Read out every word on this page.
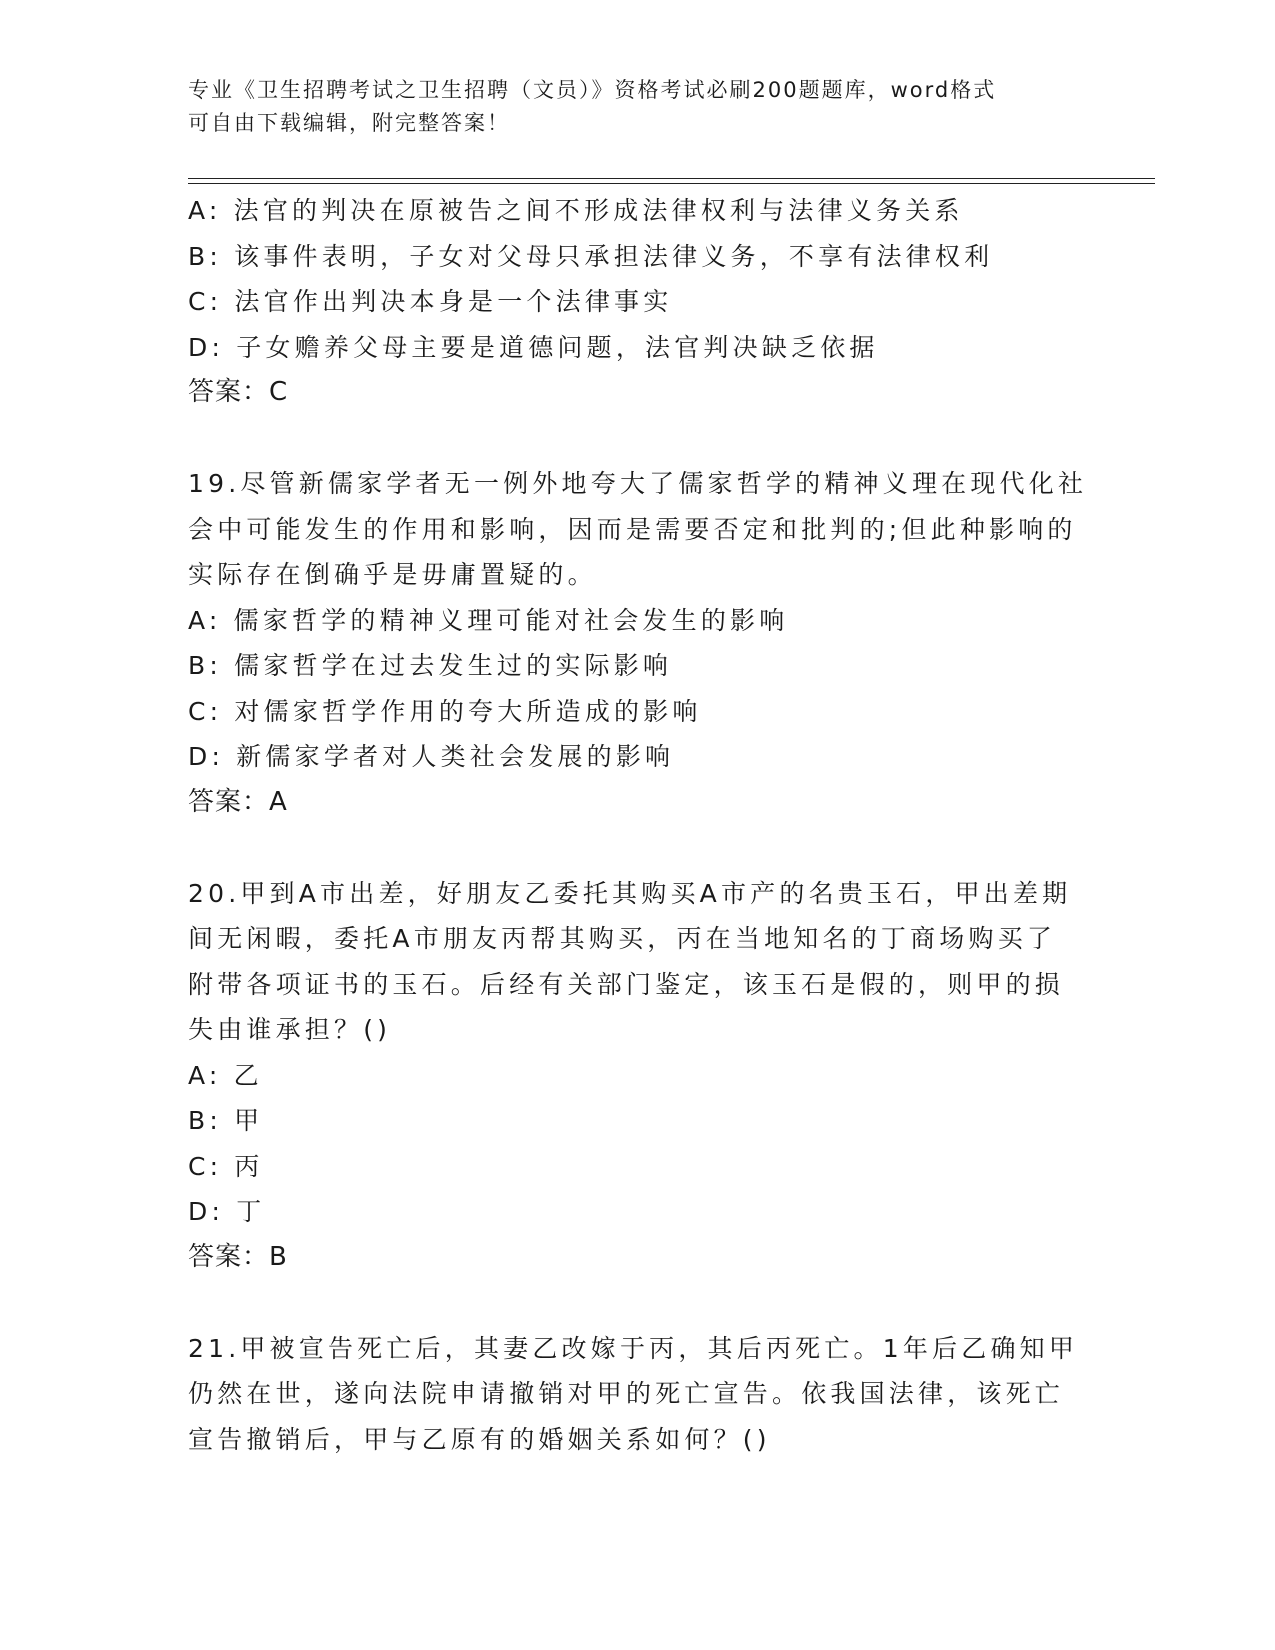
专业《卫生招聘考试之卫生招聘（文员）》资格考试必刷200题题库，word格式
可自由下载编辑，附完整答案！
A: 法官的判决在原被告之间不形成法律权利与法律义务关系
B: 该事件表明，子女对父母只承担法律义务，不享有法律权利
C: 法官作出判决本身是一个法律事实
D: 子女赡养父母主要是道德问题，法官判决缺乏依据
答案：C
19.尽管新儒家学者无一例外地夸大了儒家哲学的精神义理在现代化社
会中可能发生的作用和影响，因而是需要否定和批判的;但此种影响的
实际存在倒确乎是毋庸置疑的。
A: 儒家哲学的精神义理可能对社会发生的影响
B: 儒家哲学在过去发生过的实际影响
C: 对儒家哲学作用的夸大所造成的影响
D: 新儒家学者对人类社会发展的影响
答案：A
20.甲到A市出差，好朋友乙委托其购买A市产的名贵玉石，甲出差期
间无闲暇，委托A市朋友丙帮其购买，丙在当地知名的丁商场购买了
附带各项证书的玉石。后经有关部门鉴定，该玉石是假的，则甲的损
失由谁承担？()
A: 乙
B: 甲
C: 丙
D: 丁
答案：B
21.甲被宣告死亡后，其妻乙改嫁于丙，其后丙死亡。1年后乙确知甲
仍然在世，遂向法院申请撤销对甲的死亡宣告。依我国法律，该死亡
宣告撤销后，甲与乙原有的婚姻关系如何？()
